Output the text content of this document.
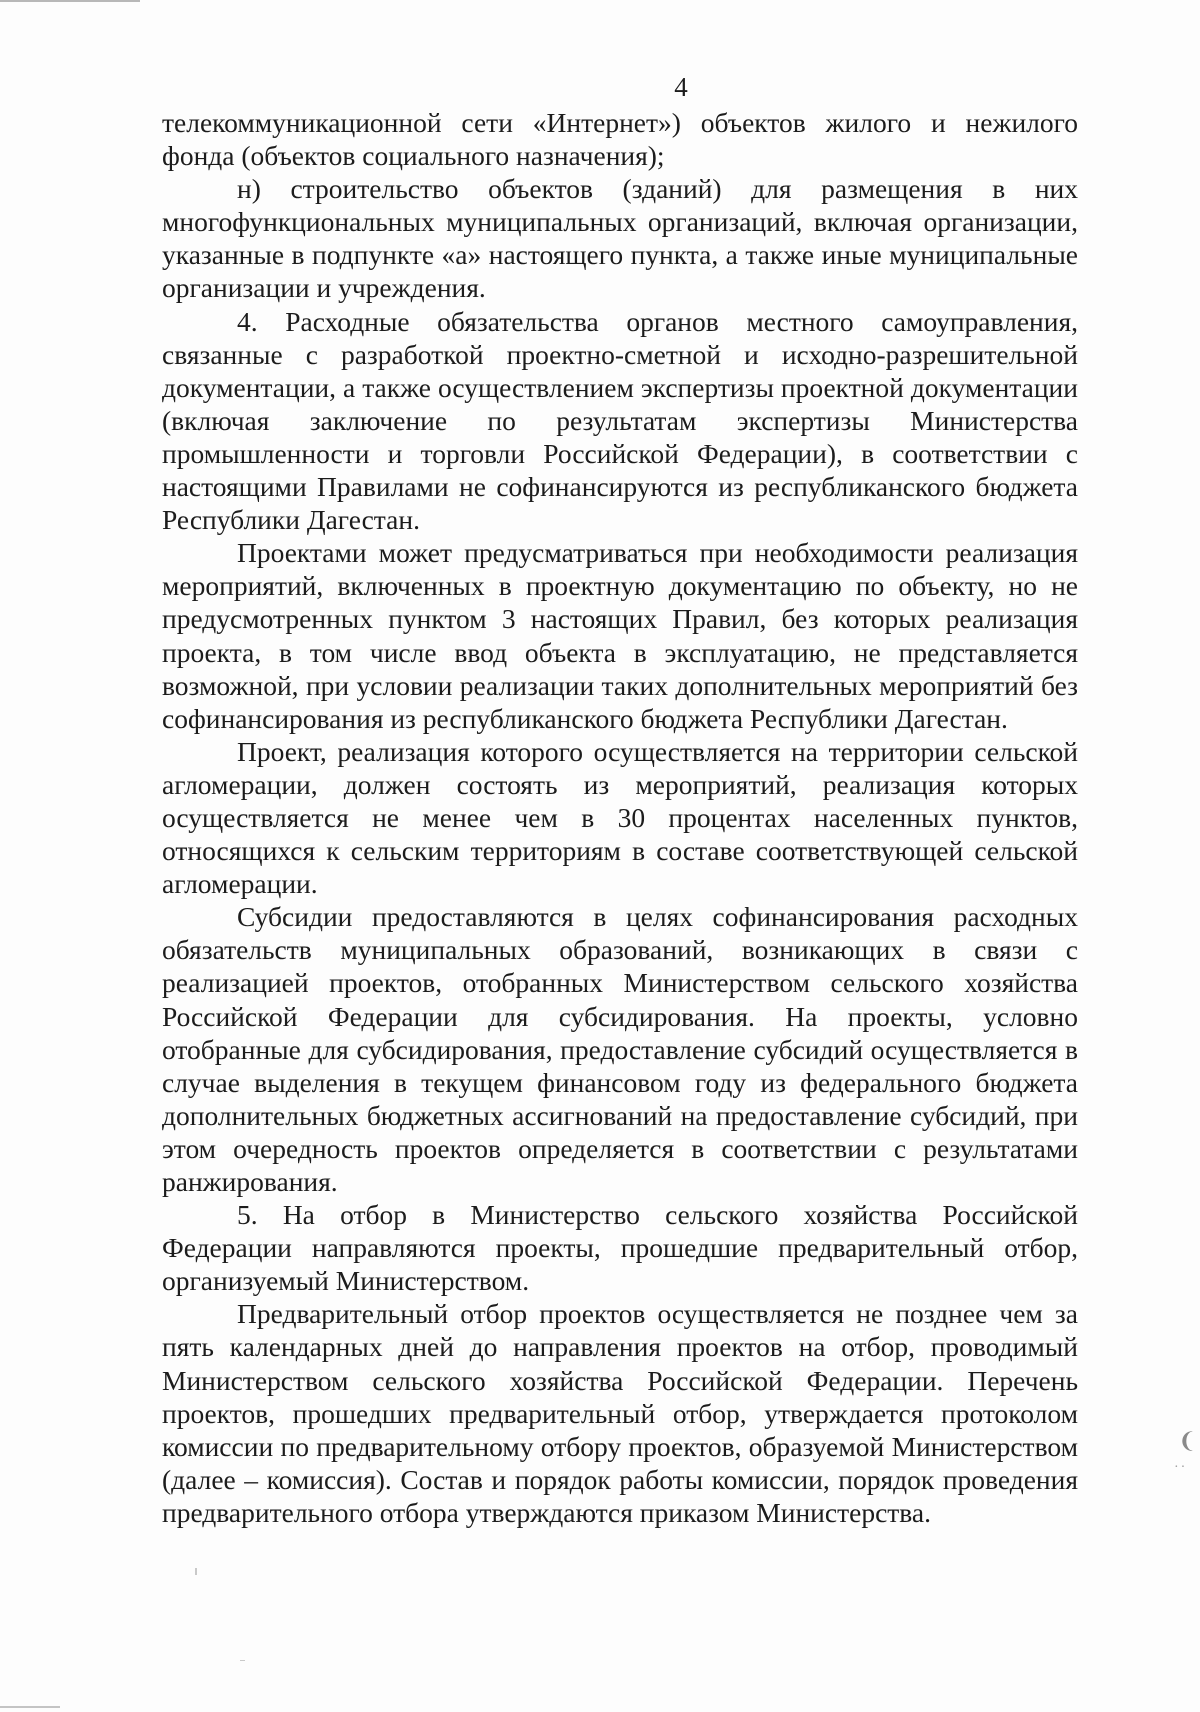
4

телекоммуникационной сети «Интернет») объектов жилого и нежилого фонда (объектов социального назначения);

н) строительство объектов (зданий) для размещения в них многофункциональных муниципальных организаций, включая организации, указанные в подпункте «а» настоящего пункта, а также иные муниципальные организации и учреждения.

4. Расходные обязательства органов местного самоуправления, связанные с разработкой проектно-сметной и исходно-разрешительной документации, а также осуществлением экспертизы проектной документации (включая заключение по результатам экспертизы Министерства промышленности и торговли Российской Федерации), в соответствии с настоящими Правилами не софинансируются из республиканского бюджета Республики Дагестан.

Проектами может предусматриваться при необходимости реализация мероприятий, включенных в проектную документацию по объекту, но не предусмотренных пунктом 3 настоящих Правил, без которых реализация проекта, в том числе ввод объекта в эксплуатацию, не представляется возможной, при условии реализации таких дополнительных мероприятий без софинансирования из республиканского бюджета Республики Дагестан.

Проект, реализация которого осуществляется на территории сельской агломерации, должен состоять из мероприятий, реализация которых осуществляется не менее чем в 30 процентах населенных пунктов, относящихся к сельским территориям в составе соответствующей сельской агломерации.

Субсидии предоставляются в целях софинансирования расходных обязательств муниципальных образований, возникающих в связи с реализацией проектов, отобранных Министерством сельского хозяйства Российской Федерации для субсидирования. На проекты, условно отобранные для субсидирования, предоставление субсидий осуществляется в случае выделения в текущем финансовом году из федерального бюджета дополнительных бюджетных ассигнований на предоставление субсидий, при этом очередность проектов определяется в соответствии с результатами ранжирования.

5. На отбор в Министерство сельского хозяйства Российской Федерации направляются проекты, прошедшие предварительный отбор, организуемый Министерством.

Предварительный отбор проектов осуществляется не позднее чем за пять календарных дней до направления проектов на отбор, проводимый Министерством сельского хозяйства Российской Федерации. Перечень проектов, прошедших предварительный отбор, утверждается протоколом комиссии по предварительному отбору проектов, образуемой Министерством (далее – комиссия). Состав и порядок работы комиссии, порядок проведения предварительного отбора утверждаются приказом Министерства.

❨
··
